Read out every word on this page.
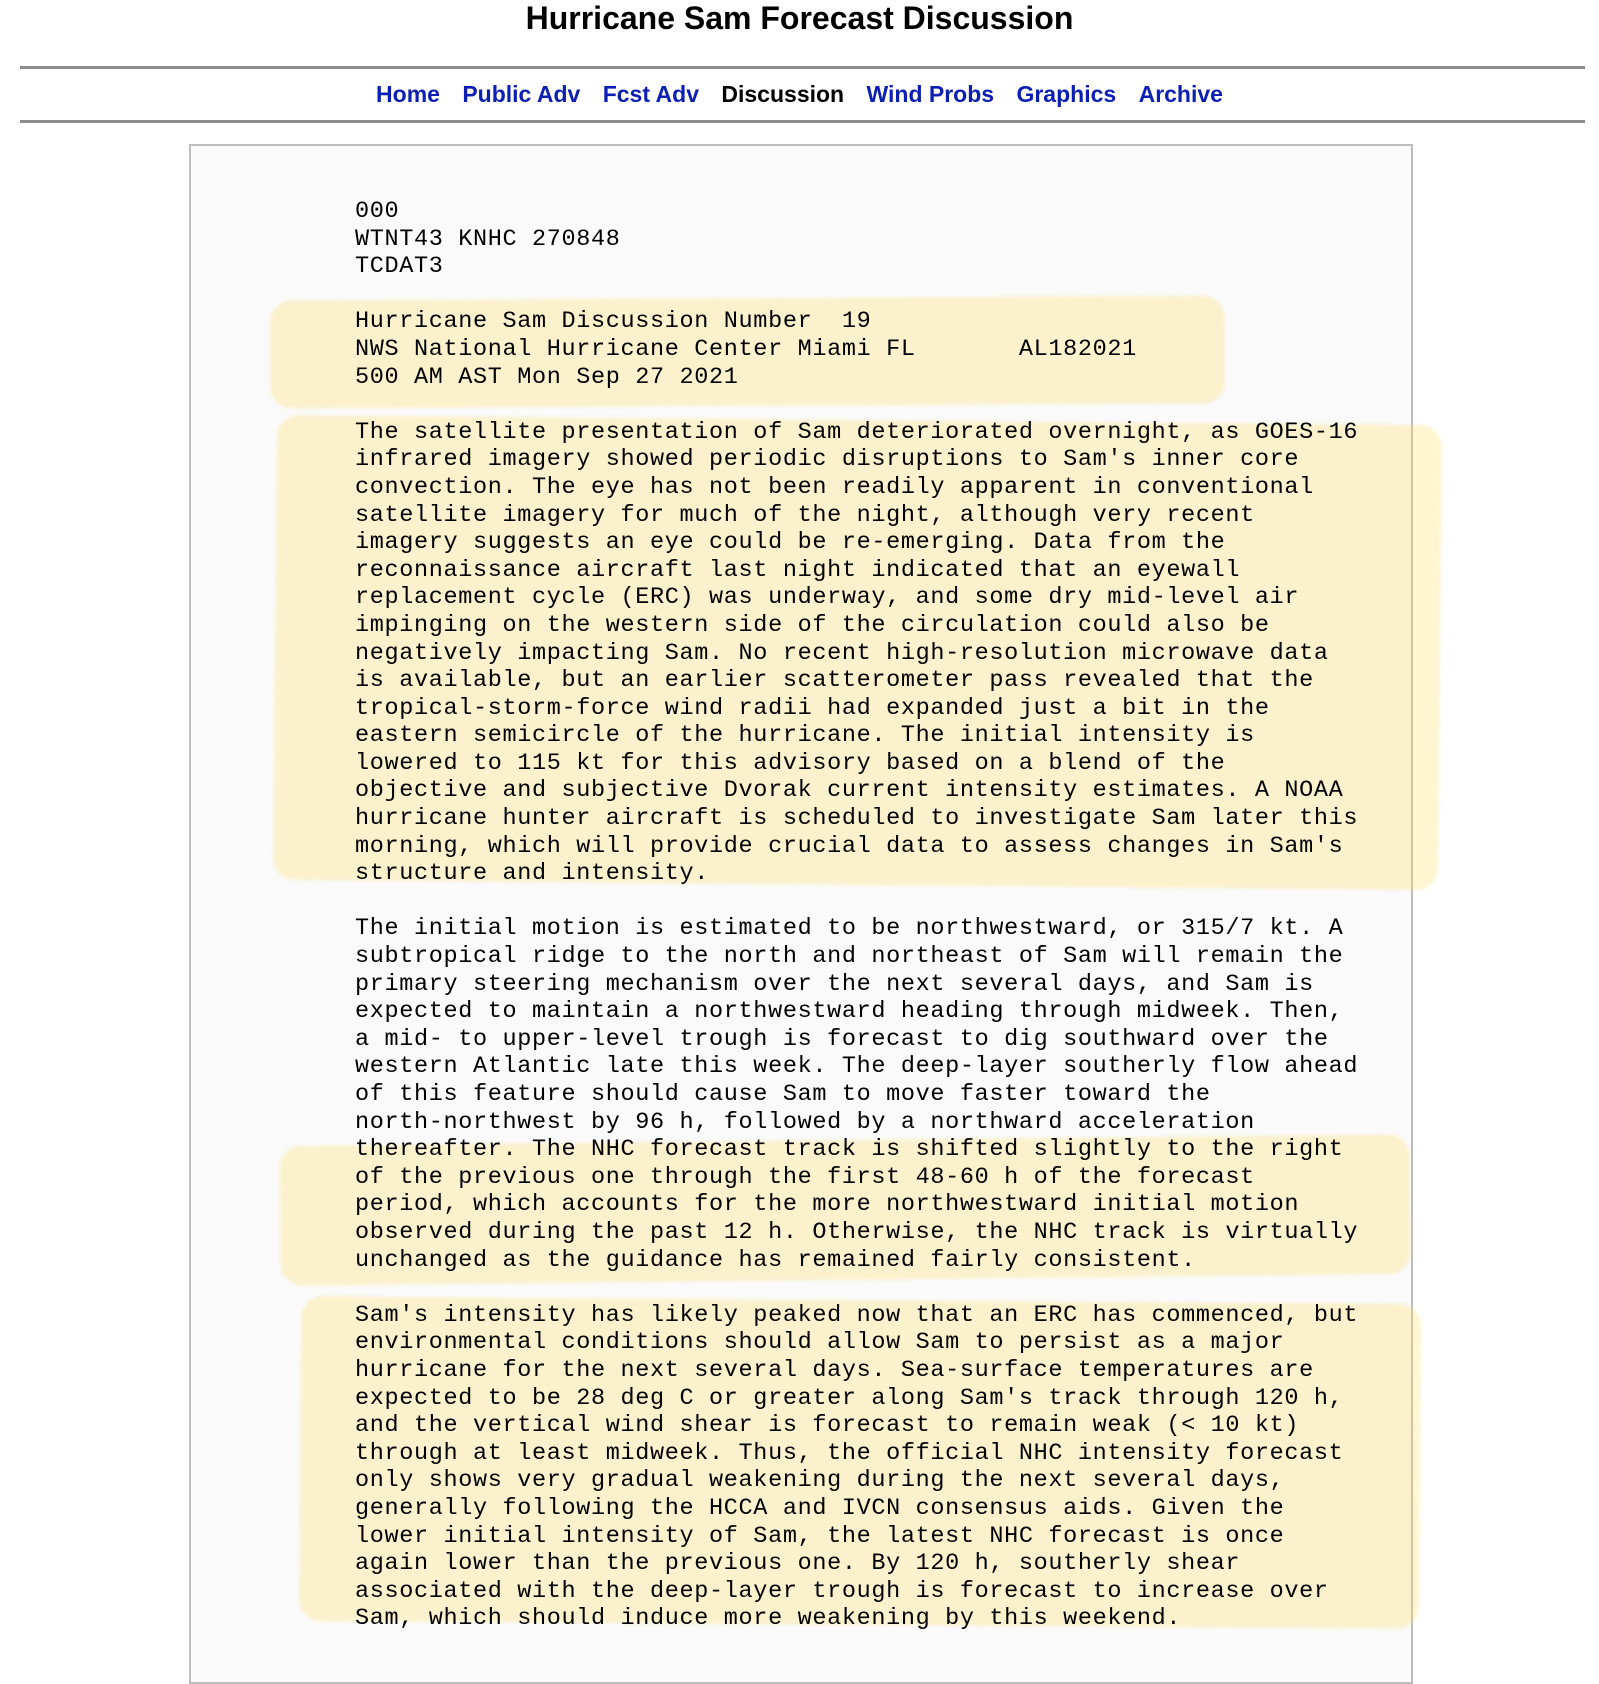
Hurricane Sam Forecast Discussion
Home Public Adv Fcst Adv Discussion Wind Probs Graphics Archive
000
WTNT43 KNHC 270848
TCDAT3

Hurricane Sam Discussion Number  19
NWS National Hurricane Center Miami FL       AL182021
500 AM AST Mon Sep 27 2021

The satellite presentation of Sam deteriorated overnight, as GOES-16
infrared imagery showed periodic disruptions to Sam's inner core
convection. The eye has not been readily apparent in conventional
satellite imagery for much of the night, although very recent
imagery suggests an eye could be re-emerging. Data from the
reconnaissance aircraft last night indicated that an eyewall
replacement cycle (ERC) was underway, and some dry mid-level air
impinging on the western side of the circulation could also be
negatively impacting Sam. No recent high-resolution microwave data
is available, but an earlier scatterometer pass revealed that the
tropical-storm-force wind radii had expanded just a bit in the
eastern semicircle of the hurricane. The initial intensity is
lowered to 115 kt for this advisory based on a blend of the
objective and subjective Dvorak current intensity estimates. A NOAA
hurricane hunter aircraft is scheduled to investigate Sam later this
morning, which will provide crucial data to assess changes in Sam's
structure and intensity.

The initial motion is estimated to be northwestward, or 315/7 kt. A
subtropical ridge to the north and northeast of Sam will remain the
primary steering mechanism over the next several days, and Sam is
expected to maintain a northwestward heading through midweek. Then,
a mid- to upper-level trough is forecast to dig southward over the
western Atlantic late this week. The deep-layer southerly flow ahead
of this feature should cause Sam to move faster toward the
north-northwest by 96 h, followed by a northward acceleration
thereafter. The NHC forecast track is shifted slightly to the right
of the previous one through the first 48-60 h of the forecast
period, which accounts for the more northwestward initial motion
observed during the past 12 h. Otherwise, the NHC track is virtually
unchanged as the guidance has remained fairly consistent.

Sam's intensity has likely peaked now that an ERC has commenced, but
environmental conditions should allow Sam to persist as a major
hurricane for the next several days. Sea-surface temperatures are
expected to be 28 deg C or greater along Sam's track through 120 h,
and the vertical wind shear is forecast to remain weak (< 10 kt)
through at least midweek. Thus, the official NHC intensity forecast
only shows very gradual weakening during the next several days,
generally following the HCCA and IVCN consensus aids. Given the
lower initial intensity of Sam, the latest NHC forecast is once
again lower than the previous one. By 120 h, southerly shear
associated with the deep-layer trough is forecast to increase over
Sam, which should induce more weakening by this weekend.
